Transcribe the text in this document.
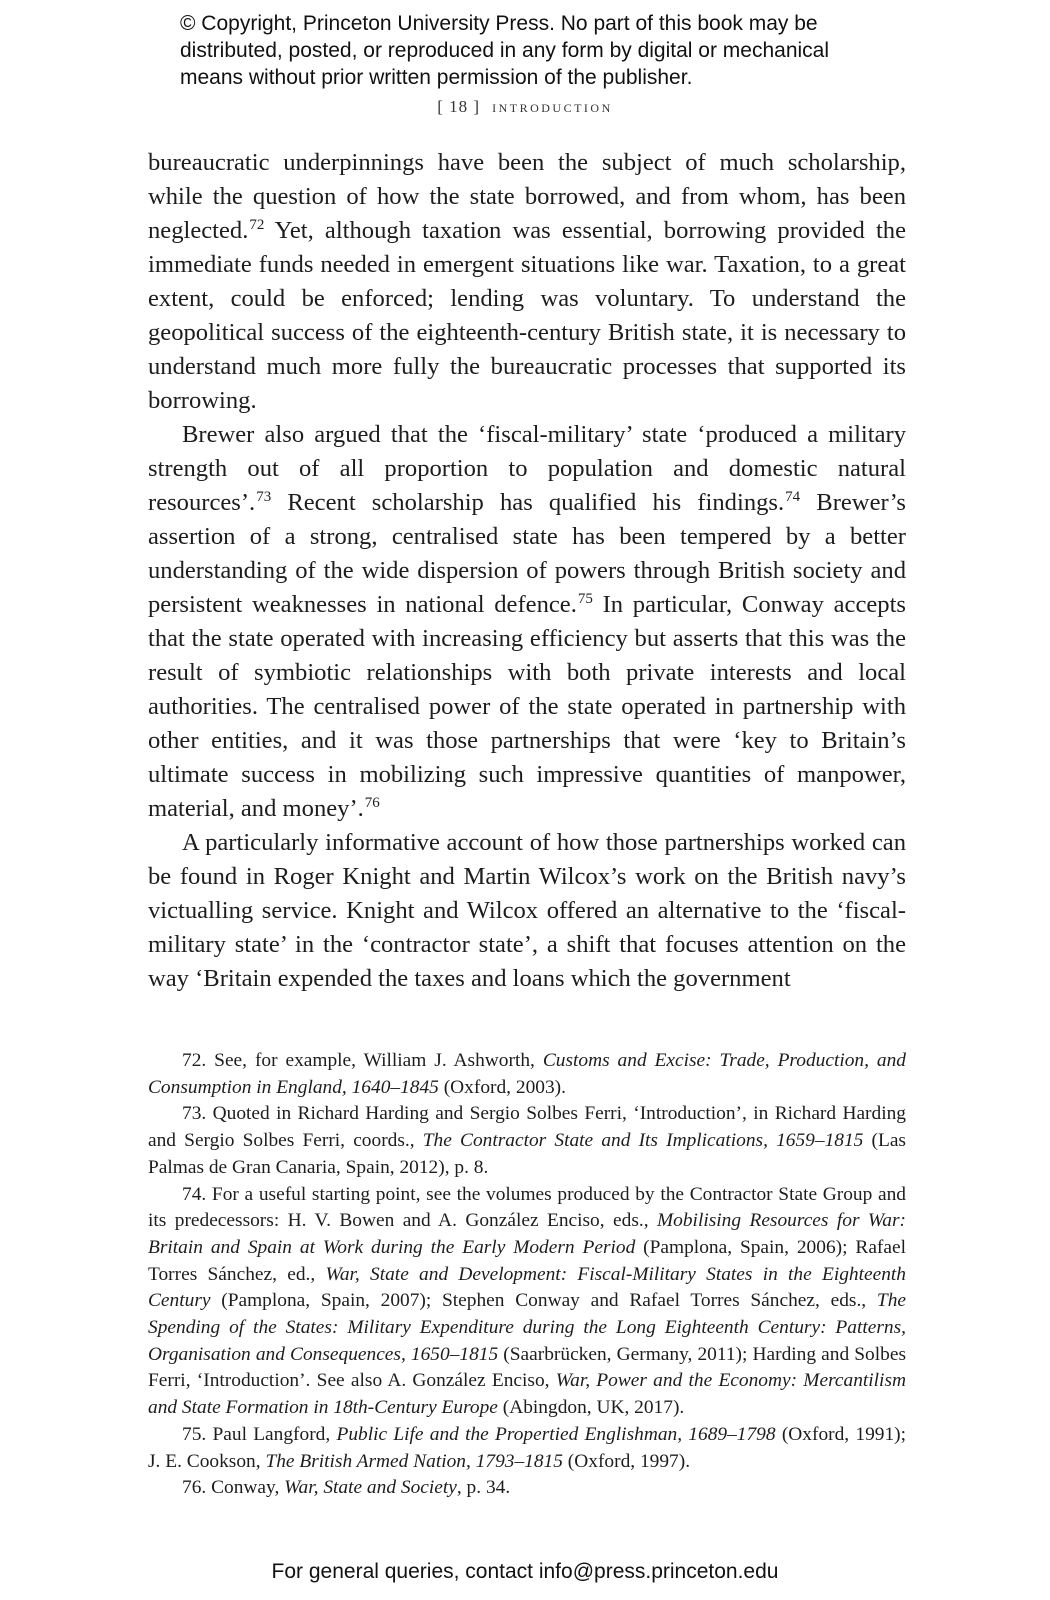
© Copyright, Princeton University Press. No part of this book may be
distributed, posted, or reproduced in any form by digital or mechanical
means without prior written permission of the publisher.
[ 18 ] introduction

bureaucratic underpinnings have been the subject of much scholarship, while the question of how the state borrowed, and from whom, has been neglected.$^{72}$ Yet, although taxation was essential, borrowing provided the immediate funds needed in emergent situations like war. Taxation, to a great extent, could be enforced; lending was voluntary. To understand the geopolitical success of the eighteenth-century British state, it is necessary to understand much more fully the bureaucratic processes that supported its borrowing.

Brewer also argued that the ‘fiscal-military’ state ‘produced a military strength out of all proportion to population and domestic natural resources’.$^{73}$ Recent scholarship has qualified his findings.$^{74}$ Brewer’s assertion of a strong, centralised state has been tempered by a better understanding of the wide dispersion of powers through British society and persistent weaknesses in national defence.$^{75}$ In particular, Conway accepts that the state operated with increasing efficiency but asserts that this was the result of symbiotic relationships with both private interests and local authorities. The centralised power of the state operated in partnership with other entities, and it was those partnerships that were ‘key to Britain’s ultimate success in mobilizing such impressive quantities of manpower, material, and money’.$^{76}$

A particularly informative account of how those partnerships worked can be found in Roger Knight and Martin Wilcox’s work on the British navy’s victualling service. Knight and Wilcox offered an alternative to the ‘fiscal-military state’ in the ‘contractor state’, a shift that focuses attention on the way ‘Britain expended the taxes and loans which the government

72. See, for example, William J. Ashworth, Customs and Excise: Trade, Production, and Consumption in England, 1640–1845 (Oxford, 2003).

73. Quoted in Richard Harding and Sergio Solbes Ferri, ‘Introduction’, in Richard Harding and Sergio Solbes Ferri, coords., The Contractor State and Its Implications, 1659–1815 (Las Palmas de Gran Canaria, Spain, 2012), p. 8.

74. For a useful starting point, see the volumes produced by the Contractor State Group and its predecessors: H. V. Bowen and A. González Enciso, eds., Mobilising Resources for War: Britain and Spain at Work during the Early Modern Period (Pamplona, Spain, 2006); Rafael Torres Sánchez, ed., War, State and Development: Fiscal-Military States in the Eighteenth Century (Pamplona, Spain, 2007); Stephen Conway and Rafael Torres Sánchez, eds., The Spending of the States: Military Expenditure during the Long Eighteenth Century: Patterns, Organisation and Consequences, 1650–1815 (Saarbrücken, Germany, 2011); Harding and Solbes Ferri, ‘Introduction’. See also A. González Enciso, War, Power and the Economy: Mercantilism and State Formation in 18th-Century Europe (Abingdon, UK, 2017).

75. Paul Langford, Public Life and the Propertied Englishman, 1689–1798 (Oxford, 1991); J. E. Cookson, The British Armed Nation, 1793–1815 (Oxford, 1997).

76. Conway, War, State and Society, p. 34.

For general queries, contact info@press.princeton.edu
